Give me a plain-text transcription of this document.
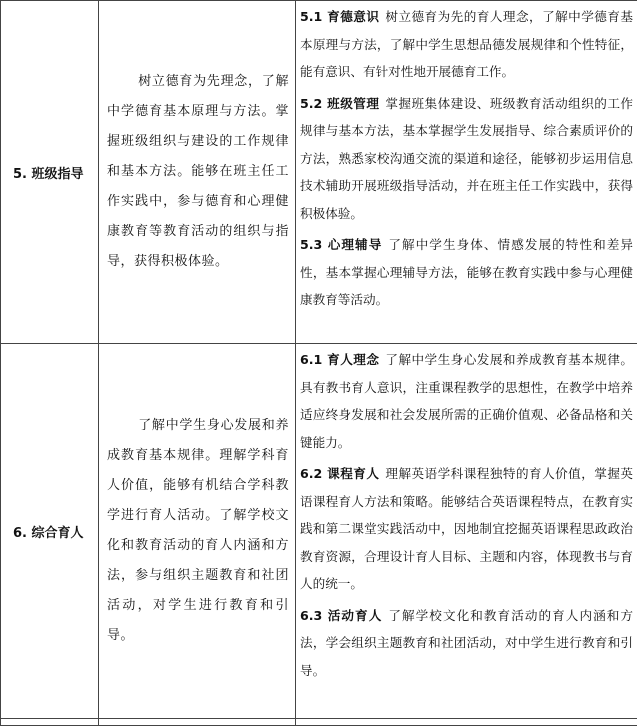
5. 班级指导	树立德育为先理念，了解中学德育基本原理与方法。掌握班级组织与建设的工作规律和基本方法。能够在班主任工作实践中，参与德育和心理健康教育等教育活动的组织与指导，获得积极体验。	5.1 育德意识 树立德育为先的育人理念，了解中学德育基本原理与方法，了解中学生思想品德发展规律和个性特征，能有意识、有针对性地开展德育工作。

5.2 班级管理 掌握班集体建设、班级教育活动组织的工作规律与基本方法，基本掌握学生发展指导、综合素质评价的方法，熟悉家校沟通交流的渠道和途径，能够初步运用信息技术辅助开展班级指导活动，并在班主任工作实践中，获得积极体验。

5.3 心理辅导 了解中学生身体、情感发展的特性和差异性，基本掌握心理辅导方法，能够在教育实践中参与心理健康教育等活动。

6. 综合育人	了解中学生身心发展和养成教育基本规律。理解学科育人价值，能够有机结合学科教学进行育人活动。了解学校文化和教育活动的育人内涵和方法，参与组织主题教育和社团活动，对学生进行教育和引导。	6.1 育人理念 了解中学生身心发展和养成教育基本规律。具有教书育人意识，注重课程教学的思想性，在教学中培养适应终身发展和社会发展所需的正确价值观、必备品格和关键能力。

6.2 课程育人 理解英语学科课程独特的育人价值，掌握英语课程育人方法和策略。能够结合英语课程特点，在教育实践和第二课堂实践活动中，因地制宜挖掘英语课程思政政治教育资源，合理设计育人目标、主题和内容，体现教书与育人的统一。

6.3 活动育人 了解学校文化和教育活动的育人内涵和方法，学会组织主题教育和社团活动，对中学生进行教育和引导。
